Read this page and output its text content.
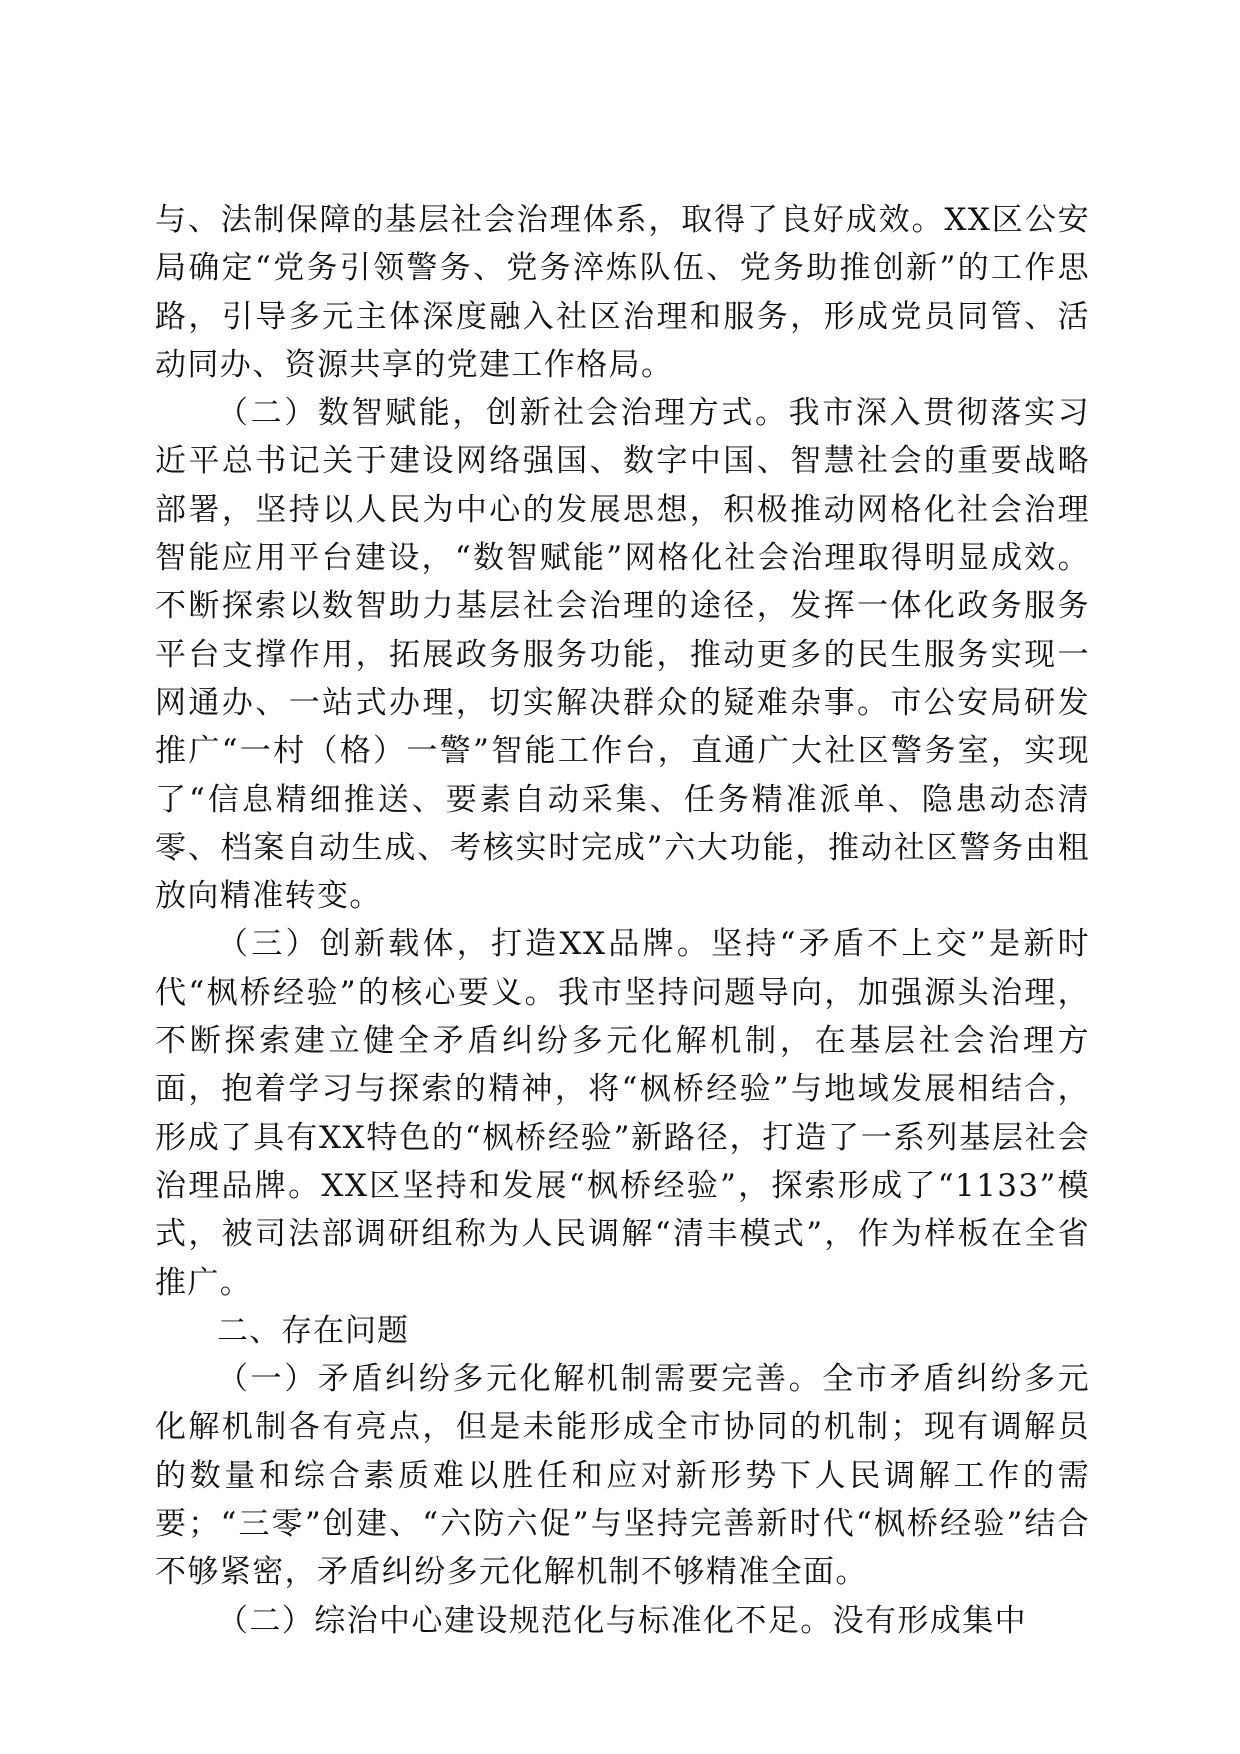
与、法制保障的基层社会治理体系，取得了良好成效。XX区公安局确定“党务引领警务、党务淬炼队伍、党务助推创新”的工作思路，引导多元主体深度融入社区治理和服务，形成党员同管、活动同办、资源共享的党建工作格局。

（二）数智赋能，创新社会治理方式。我市深入贯彻落实习近平总书记关于建设网络强国、数字中国、智慧社会的重要战略部署，坚持以人民为中心的发展思想，积极推动网格化社会治理智能应用平台建设，“数智赋能”网格化社会治理取得明显成效。不断探索以数智助力基层社会治理的途径，发挥一体化政务服务平台支撑作用，拓展政务服务功能，推动更多的民生服务实现一网通办、一站式办理，切实解决群众的疑难杂事。市公安局研发推广“一村（格）一警”智能工作台，直通广大社区警务室，实现了“信息精细推送、要素自动采集、任务精准派单、隐患动态清零、档案自动生成、考核实时完成”六大功能，推动社区警务由粗放向精准转变。

（三）创新载体，打造XX品牌。坚持“矛盾不上交”是新时代“枫桥经验”的核心要义。我市坚持问题导向，加强源头治理，不断探索建立健全矛盾纠纷多元化解机制，在基层社会治理方面，抱着学习与探索的精神，将“枫桥经验”与地域发展相结合，形成了具有XX特色的“枫桥经验”新路径，打造了一系列基层社会治理品牌。XX区坚持和发展“枫桥经验”，探索形成了“1133”模式，被司法部调研组称为人民调解“清丰模式”，作为样板在全省推广。

二、存在问题

（一）矛盾纠纷多元化解机制需要完善。全市矛盾纠纷多元化解机制各有亮点，但是未能形成全市协同的机制；现有调解员的数量和综合素质难以胜任和应对新形势下人民调解工作的需要；“三零”创建、“六防六促”与坚持完善新时代“枫桥经验”结合不够紧密，矛盾纠纷多元化解机制不够精准全面。

（二）综治中心建设规范化与标准化不足。没有形成集中
